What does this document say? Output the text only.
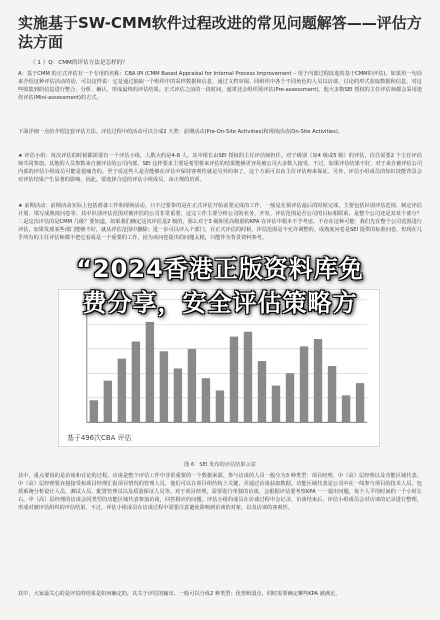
实施基于SW-CMM软件过程改进的常见问题解答——评估方法方面
（ 1 ）Q：CMM的评估方法是怎样的？
A：基于CMM 的正式评估有一个专用的名称：CBA IPI (CMM Based Appraisal for Internal Process Improvement – 用于内部过程改进的基于CMM的评估)。如果用一句话来介绍这种评估活动的话，可以这样说：它是通过抽取一个组织中的采样数据和信息，通过文档审阅、同组织中各个不同角色的人员以访谈、讨论的形式获取数据和信息，对这些收集到的信息进行整合、分析、确认，形成最终的评估结果。正式评估之前的一段时间，通常还会组织预评估(Pre-assessment)，他大多数SEI 授权的主任评估师都会采用迷你评估(Mini-assessment)的方式。
下面详细一点给介绍这套评估方法。评估过程中的活动可以分成2 大类：前期活动(Pre-On-Site Activities)和现场活动(On-Site Activities)。
★ 评估小组：每次评估的时候都需要有一个评估小组，人数大约是4-8 人。其中组长由SEI 授权的主任评估师担任。对于级别（如4 级或5 级）的评估，往往需要2 个主任评估师共同参加。其他的人员参数来自被评估的公司内部，SEI 这样要求主要是希望将来评估的结果能够更容易被公司大多数人接受。不过，如果评估结果不好，对于来自被评估公司内部的评估小组成员可能是很痛苦的。至于说这些人是否能够在评估中保持客观性就是另外的事了，这个方面可以由主任评估师来保证。另外，评估小组成员的知识技能背景会对评估结果产生显著的影响，因此，要选择合适的评估小组成员，由正规的培训。
★ 前期活动：前期活动实际上包括准备工作和现场活动，只不过要参的是在正式评估开始前要完成的工作，一般是在预评估最后的时候完成，主要包括识别评估范围、制定评估计划、填写成熟度问卷等。其中识别评估范围对被评估的公司非常重要，这完工作主要分析公司的业务、开发、评估范围是否公司的目标相联系，是整个公司还是其某个部分？二是这次评估的是CMM 几级？要知道，如果我们确定这次评估是2 级的，那么对于3 级和更高级别的KPA 在评估中根本不予考虑。不存在这种可能：我们先在整个公司范围进行评估，如果发现某些部门能够不好，就从评估范围中删除；进一步可以评入个部门。在正式评估的时候，评估范围是不允许调整的。成熟度问卷是SEI 提供的标准问卷，但现在几乎所有的主任评估师都不把它看成是一个重要的工作，因为该问卷提出的问题太粗，只能作为背景资料参考。
基于496次CBA 评估
图 6　SEI 发布的评估结果示意
其中，重点要说的是访谈和讨论的过程。访谈是整个评估工作中非常重要的一个数据来源。参与访谈的人员一般分为3 种类型：项目经理、中（高）层经理以及功能区域代表。中（高）层经理要直接接受和项目经理汇报项目情况的管理人员，他们可以在项目组结构上关键，并通过访谈获取数据。功能区域代表是公司中在一线参与项目的技术人员。包括系统分析设计人员、测试人员、配置管理员以及质量保证人员等。对于项目经理，需要进行单独的访谈，会根据评估要考察KPA 一一提出问题，每个人平均时间约一个小时左右。中（高）层经理的访谈会同类型的功能区域代表参加访谈，回答相应的问题。评估小组的成员在访谈过程中会记录，访谈结束后，评估小组成员会对访谈的记录进行整理，形成对被评估组织的评估结果。不过，评估小组成员在访谈过程中需要注意避免影响到访谈的对象，以及访谈的客观性。
其中，大家最关心的是评估的结果是如何确定的，其关于评估的输出，一般可以分成2 种类型：优势和弱点，同时需要确定哪些KPA 被满足。
“2024香港正版资料库免
费分享，安全评估策略方
